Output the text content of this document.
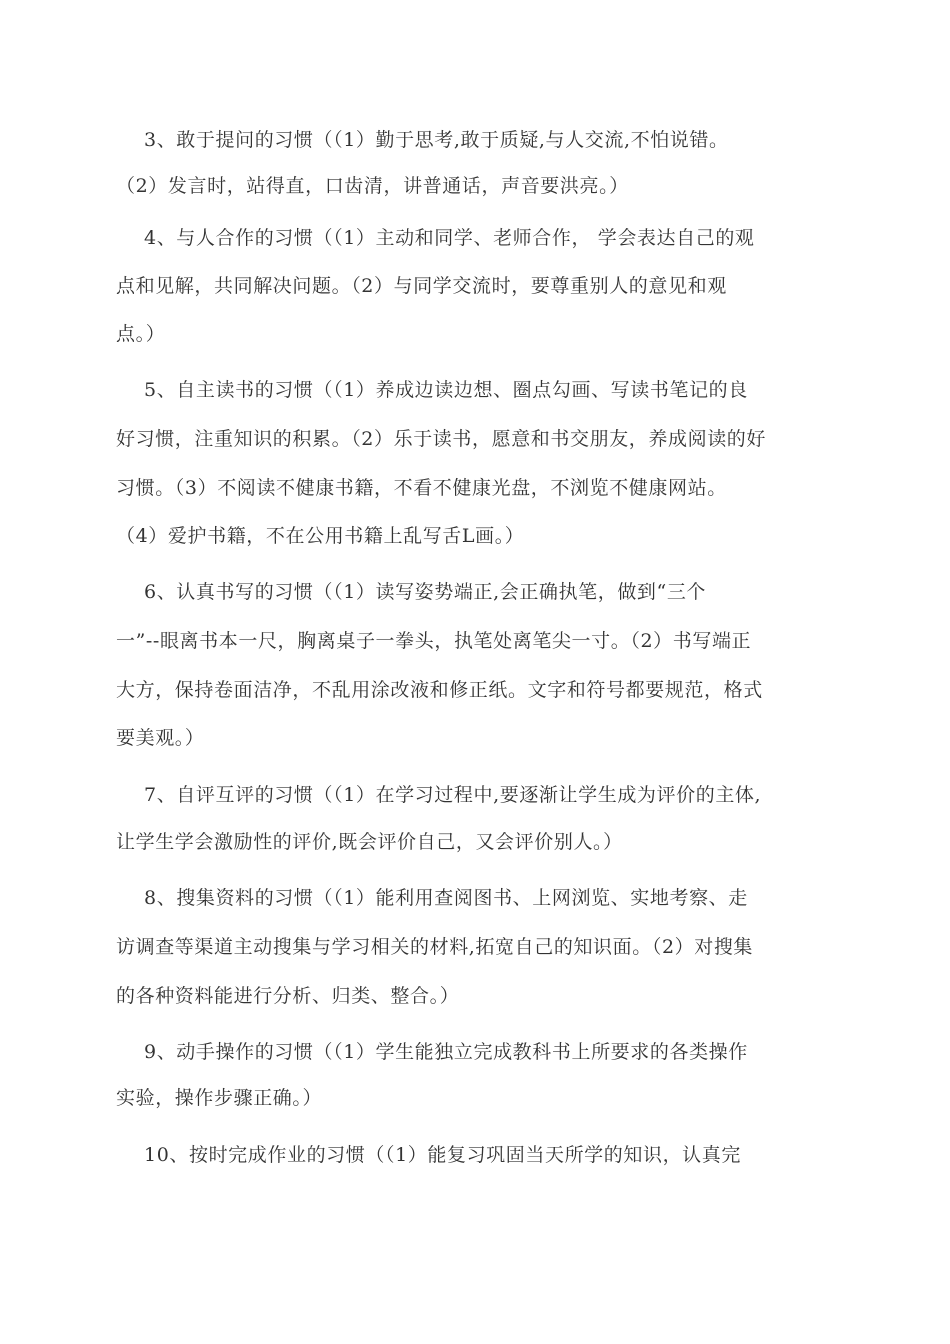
3、敢于提问的习惯（（1）勤于思考,敢于质疑,与人交流,不怕说错。
（2）发言时，站得直，口齿清，讲普通话，声音要洪亮。）
4、与人合作的习惯（（1）主动和同学、老师合作， 学会表达自己的观
点和见解，共同解决问题。（2）与同学交流时，要尊重别人的意见和观
点。）
5、自主读书的习惯（（1）养成边读边想、圈点勾画、写读书笔记的良
好习惯，注重知识的积累。（2）乐于读书，愿意和书交朋友，养成阅读的好
习惯。（3）不阅读不健康书籍，不看不健康光盘，不浏览不健康网站。
（4）爱护书籍，不在公用书籍上乱写舌L画。）
6、认真书写的习惯（（1）读写姿势端正,会正确执笔，做到“三个
一”--眼离书本一尺，胸离桌子一拳头，执笔处离笔尖一寸。（2）书写端正
大方，保持卷面洁净，不乱用涂改液和修正纸。文字和符号都要规范，格式
要美观。）
7、自评互评的习惯（（1）在学习过程中,要逐渐让学生成为评价的主体,
让学生学会激励性的评价,既会评价自己，又会评价别人。）
8、搜集资料的习惯（（1）能利用查阅图书、上网浏览、实地考察、走
访调查等渠道主动搜集与学习相关的材料,拓宽自己的知识面。（2）对搜集
的各种资料能进行分析、归类、整合。）
9、动手操作的习惯（（1）学生能独立完成教科书上所要求的各类操作
实验，操作步骤正确。）
10、按时完成作业的习惯（（1）能复习巩固当天所学的知识，认真完
